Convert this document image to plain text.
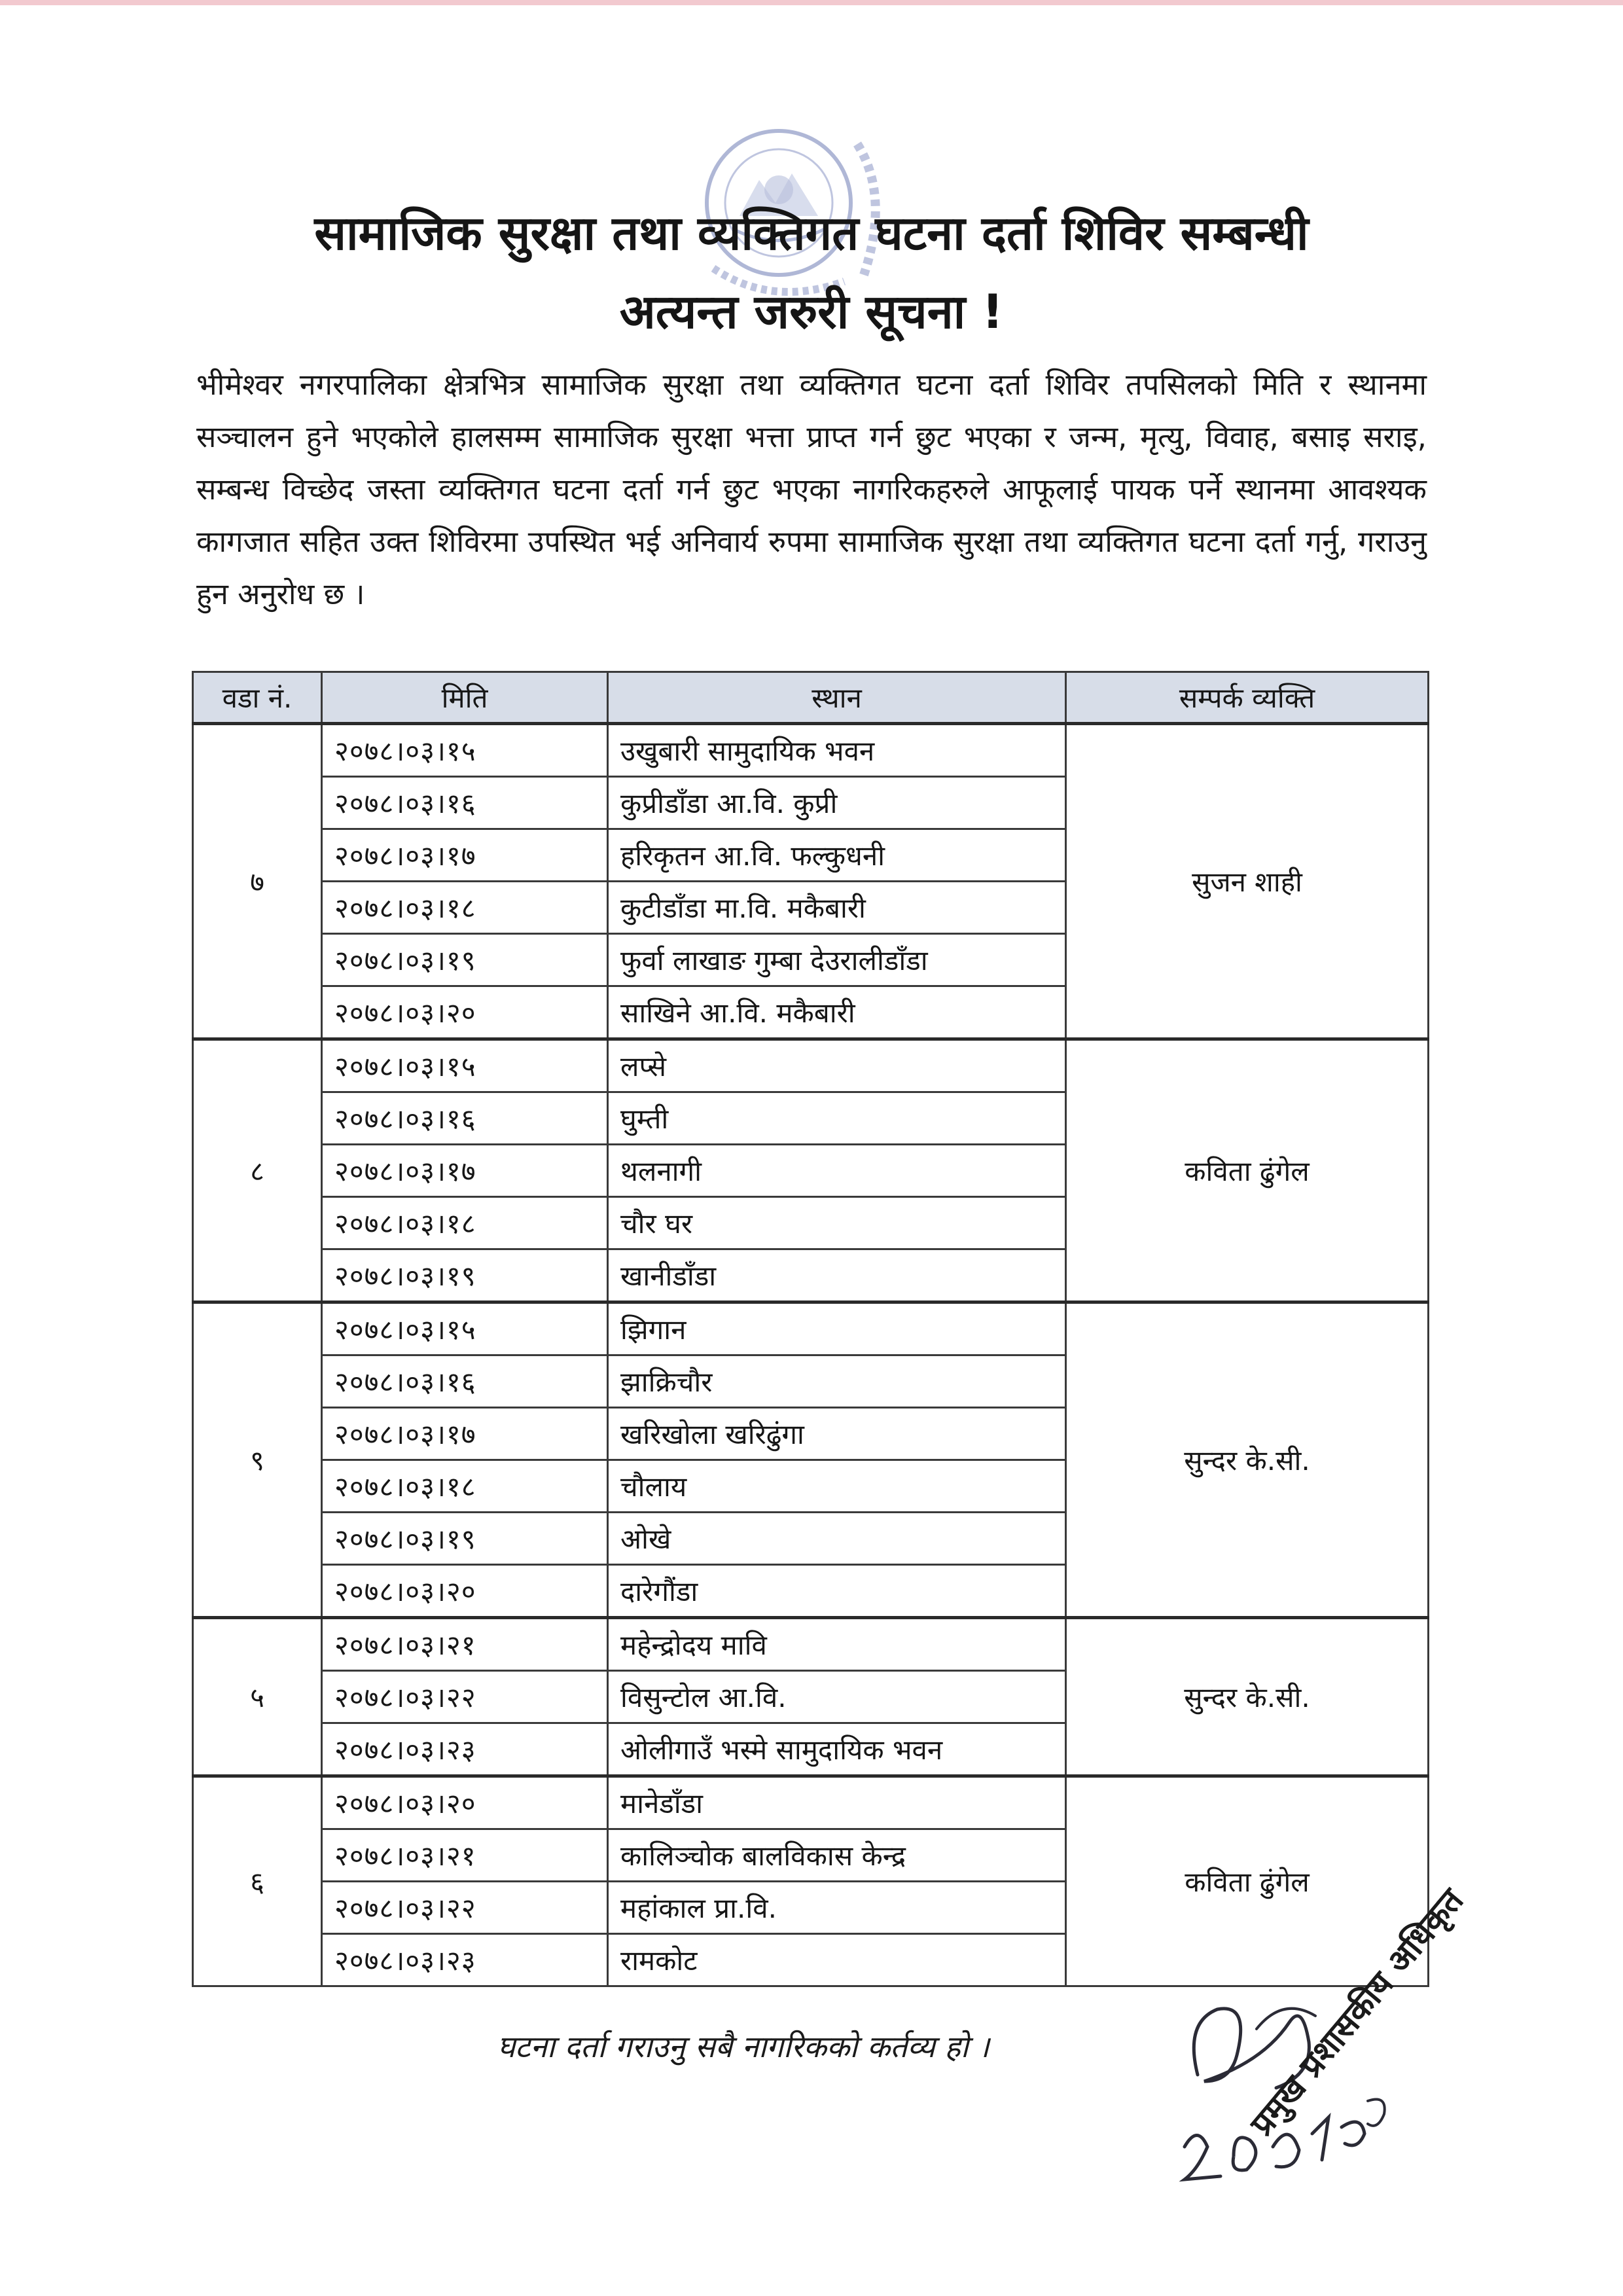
सामाजिक सुरक्षा तथा व्यक्तिगत घटना दर्ता शिविर सम्बन्धी
अत्यन्त जरुरी सूचना !
भीमेश्वर नगरपालिका क्षेत्रभित्र सामाजिक सुरक्षा तथा व्यक्तिगत घटना दर्ता शिविर तपसिलको मिति र स्थानमा सञ्चालन हुने भएकोले हालसम्म सामाजिक सुरक्षा भत्ता प्राप्त गर्न छुट भएका र जन्म, मृत्यु, विवाह, बसाइ सराइ, सम्बन्ध विच्छेद जस्ता व्यक्तिगत घटना दर्ता गर्न छुट भएका नागरिकहरुले आफूलाई पायक पर्ने स्थानमा आवश्यक कागजात सहित उक्त शिविरमा उपस्थित भई अनिवार्य रुपमा सामाजिक सुरक्षा तथा व्यक्तिगत घटना दर्ता गर्नु, गराउनु हुन अनुरोध छ ।
वडा नं.	मिति	स्थान	सम्पर्क व्यक्ति
७	२०७८।०३।१५	उखुबारी सामुदायिक भवन	सुजन शाही
	२०७८।०३।१६	कुप्रीडाँडा आ.वि. कुप्री	
	२०७८।०३।१७	हरिकृतन आ.वि. फल्कुधनी	
	२०७८।०३।१८	कुटीडाँडा मा.वि. मकैबारी	
	२०७८।०३।१९	फुर्वा लाखाङ गुम्बा देउरालीडाँडा	
	२०७८।०३।२०	साखिने आ.वि. मकैबारी	
८	२०७८।०३।१५	लप्से	कविता ढुंगेल
	२०७८।०३।१६	घुम्ती	
	२०७८।०३।१७	थलनागी	
	२०७८।०३।१८	चौर घर	
	२०७८।०३।१९	खानीडाँडा	
९	२०७८।०३।१५	झिगान	सुन्दर के.सी.
	२०७८।०३।१६	झाक्रिचौर	
	२०७८।०३।१७	खरिखोला खरिढुंगा	
	२०७८।०३।१८	चौलाय	
	२०७८।०३।१९	ओखे	
	२०७८।०३।२०	दारेगौंडा	
५	२०७८।०३।२१	महेन्द्रोदय मावि	सुन्दर के.सी.
	२०७८।०३।२२	विसुन्टोल आ.वि.	
	२०७८।०३।२३	ओलीगाउँ भस्मे सामुदायिक भवन	
६	२०७८।०३।२०	मानेडाँडा	कविता ढुंगेल
	२०७८।०३।२१	कालिञ्चोक बालविकास केन्द्र	
	२०७८।०३।२२	महांकाल प्रा.वि.	
	२०७८।०३।२३	रामकोट	
घटना दर्ता गराउनु सबै नागरिकको कर्तव्य हो ।	प्रमुख प्रशासकीय अधिकृत
